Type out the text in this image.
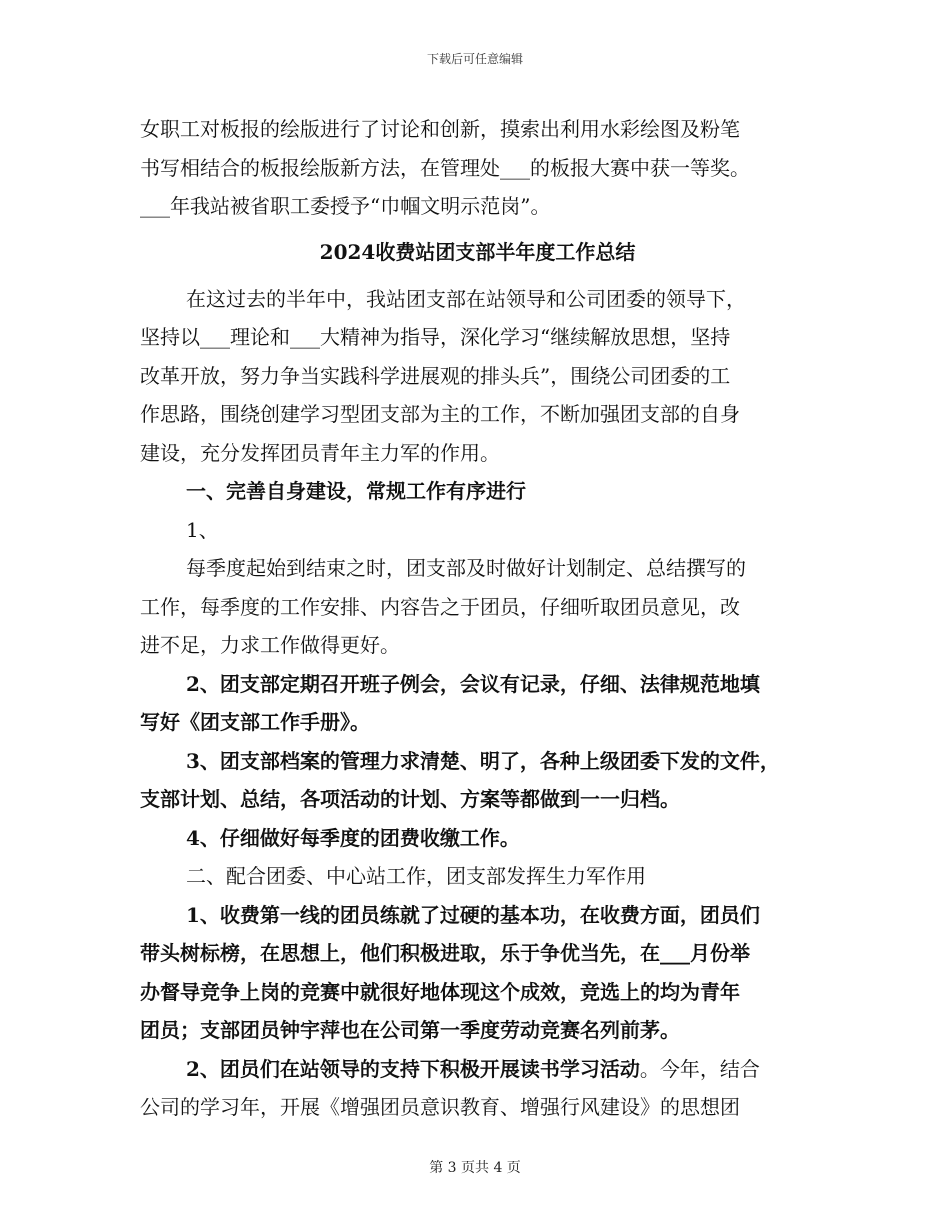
下载后可任意编辑
女职工对板报的绘版进行了讨论和创新，摸索出利用水彩绘图及粉笔
书写相结合的板报绘版新方法，在管理处___的板报大赛中获一等奖。
___年我站被省职工委授予“巾帼文明示范岗”。
2024收费站团支部半年度工作总结
在这过去的半年中，我站团支部在站领导和公司团委的领导下，
坚持以___理论和___大精神为指导，深化学习“继续解放思想，坚持
改革开放，努力争当实践科学进展观的排头兵”，围绕公司团委的工
作思路，围绕创建学习型团支部为主的工作，不断加强团支部的自身
建设，充分发挥团员青年主力军的作用。
一、完善自身建设，常规工作有序进行
1、
每季度起始到结束之时，团支部及时做好计划制定、总结撰写的
工作，每季度的工作安排、内容告之于团员，仔细听取团员意见，改
进不足，力求工作做得更好。
2、团支部定期召开班子例会，会议有记录，仔细、法律规范地填
写好《团支部工作手册》。
3、团支部档案的管理力求清楚、明了，各种上级团委下发的文件，
支部计划、总结，各项活动的计划、方案等都做到一一归档。
4、仔细做好每季度的团费收缴工作。
二、配合团委、中心站工作，团支部发挥生力军作用
1、收费第一线的团员练就了过硬的基本功，在收费方面，团员们
带头树标榜，在思想上，他们积极进取，乐于争优当先，在___月份举
办督导竞争上岗的竞赛中就很好地体现这个成效，竞选上的均为青年
团员；支部团员钟宇萍也在公司第一季度劳动竞赛名列前茅。
2、团员们在站领导的支持下积极开展读书学习活动。今年，结合
公司的学习年，开展《增强团员意识教育、增强行风建设》的思想团
第 3 页共 4 页
